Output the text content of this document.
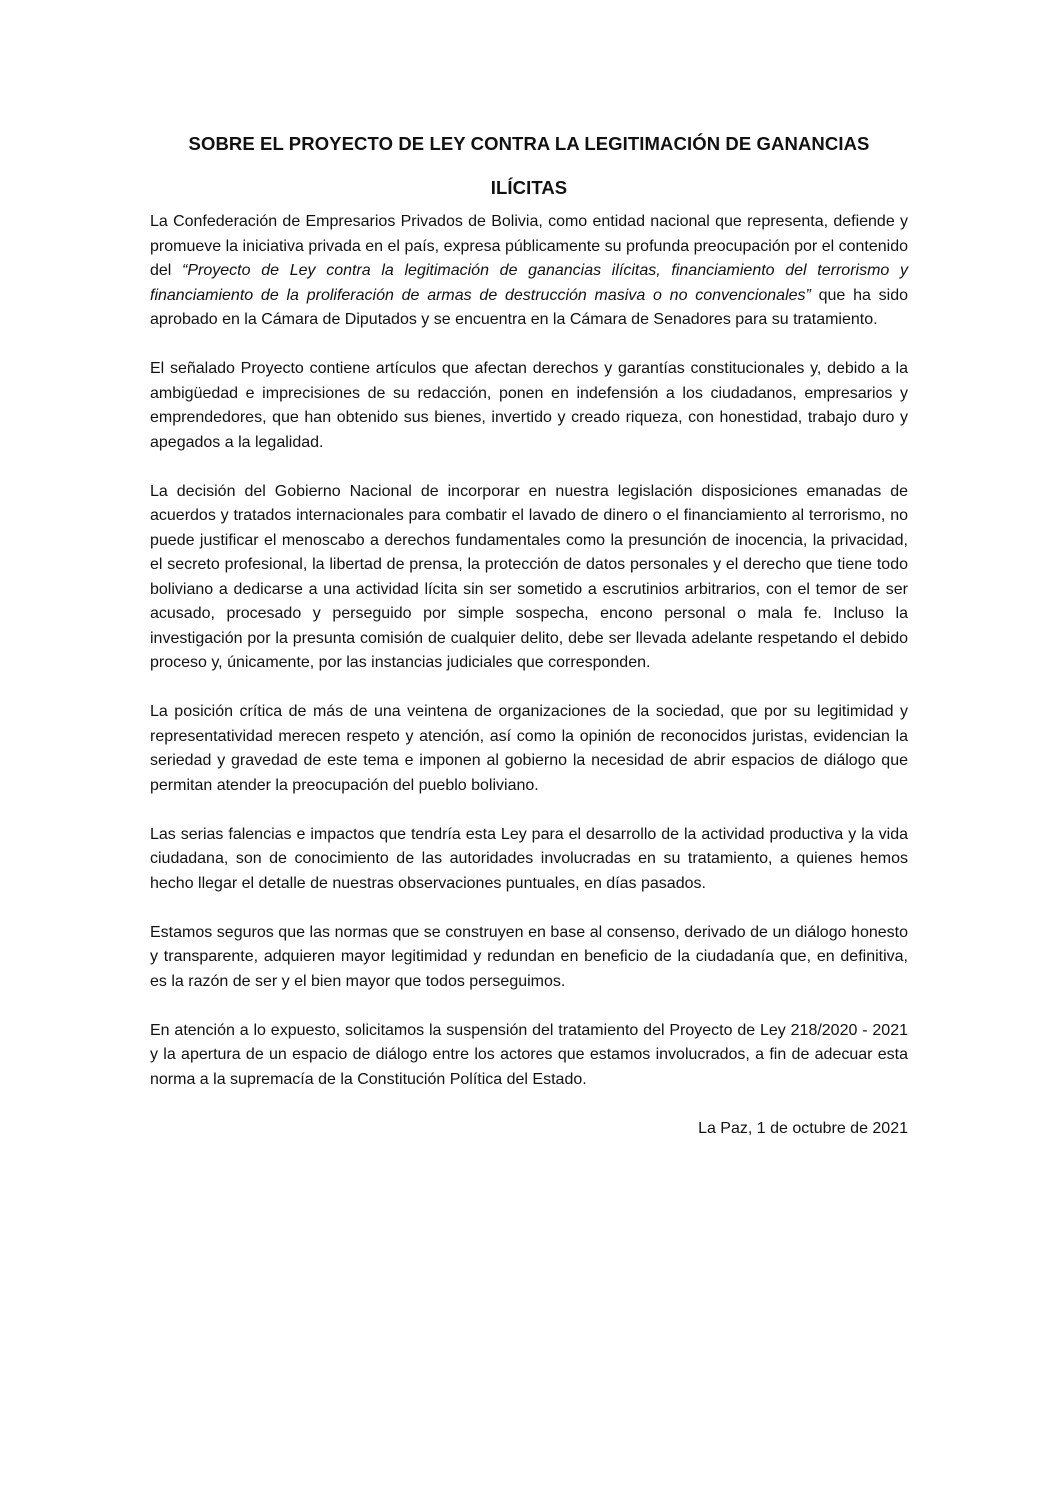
SOBRE EL PROYECTO DE LEY CONTRA LA LEGITIMACIÓN DE GANANCIAS
ILÍCITAS

La Confederación de Empresarios Privados de Bolivia, como entidad nacional que representa, defiende y promueve la iniciativa privada en el país, expresa públicamente su profunda preocupación por el contenido del “Proyecto de Ley contra la legitimación de ganancias ilícitas, financiamiento del terrorismo y financiamiento de la proliferación de armas de destrucción masiva o no convencionales” que ha sido aprobado en la Cámara de Diputados y se encuentra en la Cámara de Senadores para su tratamiento.

El señalado Proyecto contiene artículos que afectan derechos y garantías constitucionales y, debido a la ambigüedad e imprecisiones de su redacción, ponen en indefensión a los ciudadanos, empresarios y emprendedores, que han obtenido sus bienes, invertido y creado riqueza, con honestidad, trabajo duro y apegados a la legalidad.

La decisión del Gobierno Nacional de incorporar en nuestra legislación disposiciones emanadas de acuerdos y tratados internacionales para combatir el lavado de dinero o el financiamiento al terrorismo, no puede justificar el menoscabo a derechos fundamentales como la presunción de inocencia, la privacidad, el secreto profesional, la libertad de prensa, la protección de datos personales y el derecho que tiene todo boliviano a dedicarse a una actividad lícita sin ser sometido a escrutinios arbitrarios, con el temor de ser acusado, procesado y perseguido por simple sospecha, encono personal o mala fe. Incluso la investigación por la presunta comisión de cualquier delito, debe ser llevada adelante respetando el debido proceso y, únicamente, por las instancias judiciales que corresponden.

La posición crítica de más de una veintena de organizaciones de la sociedad, que por su legitimidad y representatividad merecen respeto y atención, así como la opinión de reconocidos juristas, evidencian la seriedad y gravedad de este tema e imponen al gobierno la necesidad de abrir espacios de diálogo que permitan atender la preocupación del pueblo boliviano.

Las serias falencias e impactos que tendría esta Ley para el desarrollo de la actividad productiva y la vida ciudadana, son de conocimiento de las autoridades involucradas en su tratamiento, a quienes hemos hecho llegar el detalle de nuestras observaciones puntuales, en días pasados.

Estamos seguros que las normas que se construyen en base al consenso, derivado de un diálogo honesto y transparente, adquieren mayor legitimidad y redundan en beneficio de la ciudadanía que, en definitiva, es la razón de ser y el bien mayor que todos perseguimos.

En atención a lo expuesto, solicitamos la suspensión del tratamiento del Proyecto de Ley 218/2020 - 2021 y la apertura de un espacio de diálogo entre los actores que estamos involucrados, a fin de adecuar esta norma a la supremacía de la Constitución Política del Estado.

La Paz, 1 de octubre de 2021
